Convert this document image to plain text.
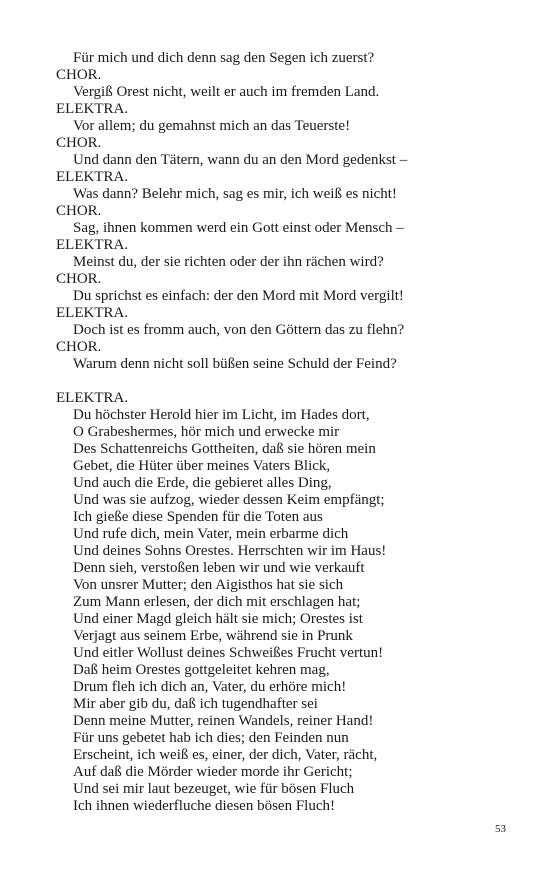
Für mich und dich denn sag den Segen ich zuerst?
CHOR.
Vergiß Orest nicht, weilt er auch im fremden Land.
ELEKTRA.
Vor allem; du gemahnst mich an das Teuerste!
CHOR.
Und dann den Tätern, wann du an den Mord gedenkst –
ELEKTRA.
Was dann? Belehr mich, sag es mir, ich weiß es nicht!
CHOR.
Sag, ihnen kommen werd ein Gott einst oder Mensch –
ELEKTRA.
Meinst du, der sie richten oder der ihn rächen wird?
CHOR.
Du sprichst es einfach: der den Mord mit Mord vergilt!
ELEKTRA.
Doch ist es fromm auch, von den Göttern das zu flehn?
CHOR.
Warum denn nicht soll büßen seine Schuld der Feind?
ELEKTRA.
Du höchster Herold hier im Licht, im Hades dort,
O Grabeshermes, hör mich und erwecke mir
Des Schattenreichs Gottheiten, daß sie hören mein
Gebet, die Hüter über meines Vaters Blick,
Und auch die Erde, die gebieret alles Ding,
Und was sie aufzog, wieder dessen Keim empfängt;
Ich gieße diese Spenden für die Toten aus
Und rufe dich, mein Vater, mein erbarme dich
Und deines Sohns Orestes. Herrschten wir im Haus!
Denn sieh, verstoßen leben wir und wie verkauft
Von unsrer Mutter; den Aigisthos hat sie sich
Zum Mann erlesen, der dich mit erschlagen hat;
Und einer Magd gleich hält sie mich; Orestes ist
Verjagt aus seinem Erbe, während sie in Prunk
Und eitler Wollust deines Schweißes Frucht vertun!
Daß heim Orestes gottgeleitet kehren mag,
Drum fleh ich dich an, Vater, du erhöre mich!
Mir aber gib du, daß ich tugendhafter sei
Denn meine Mutter, reinen Wandels, reiner Hand!
Für uns gebetet hab ich dies; den Feinden nun
Erscheint, ich weiß es, einer, der dich, Vater, rächt,
Auf daß die Mörder wieder morde ihr Gericht;
Und sei mir laut bezeuget, wie für bösen Fluch
Ich ihnen wiederfluche diesen bösen Fluch!
53
